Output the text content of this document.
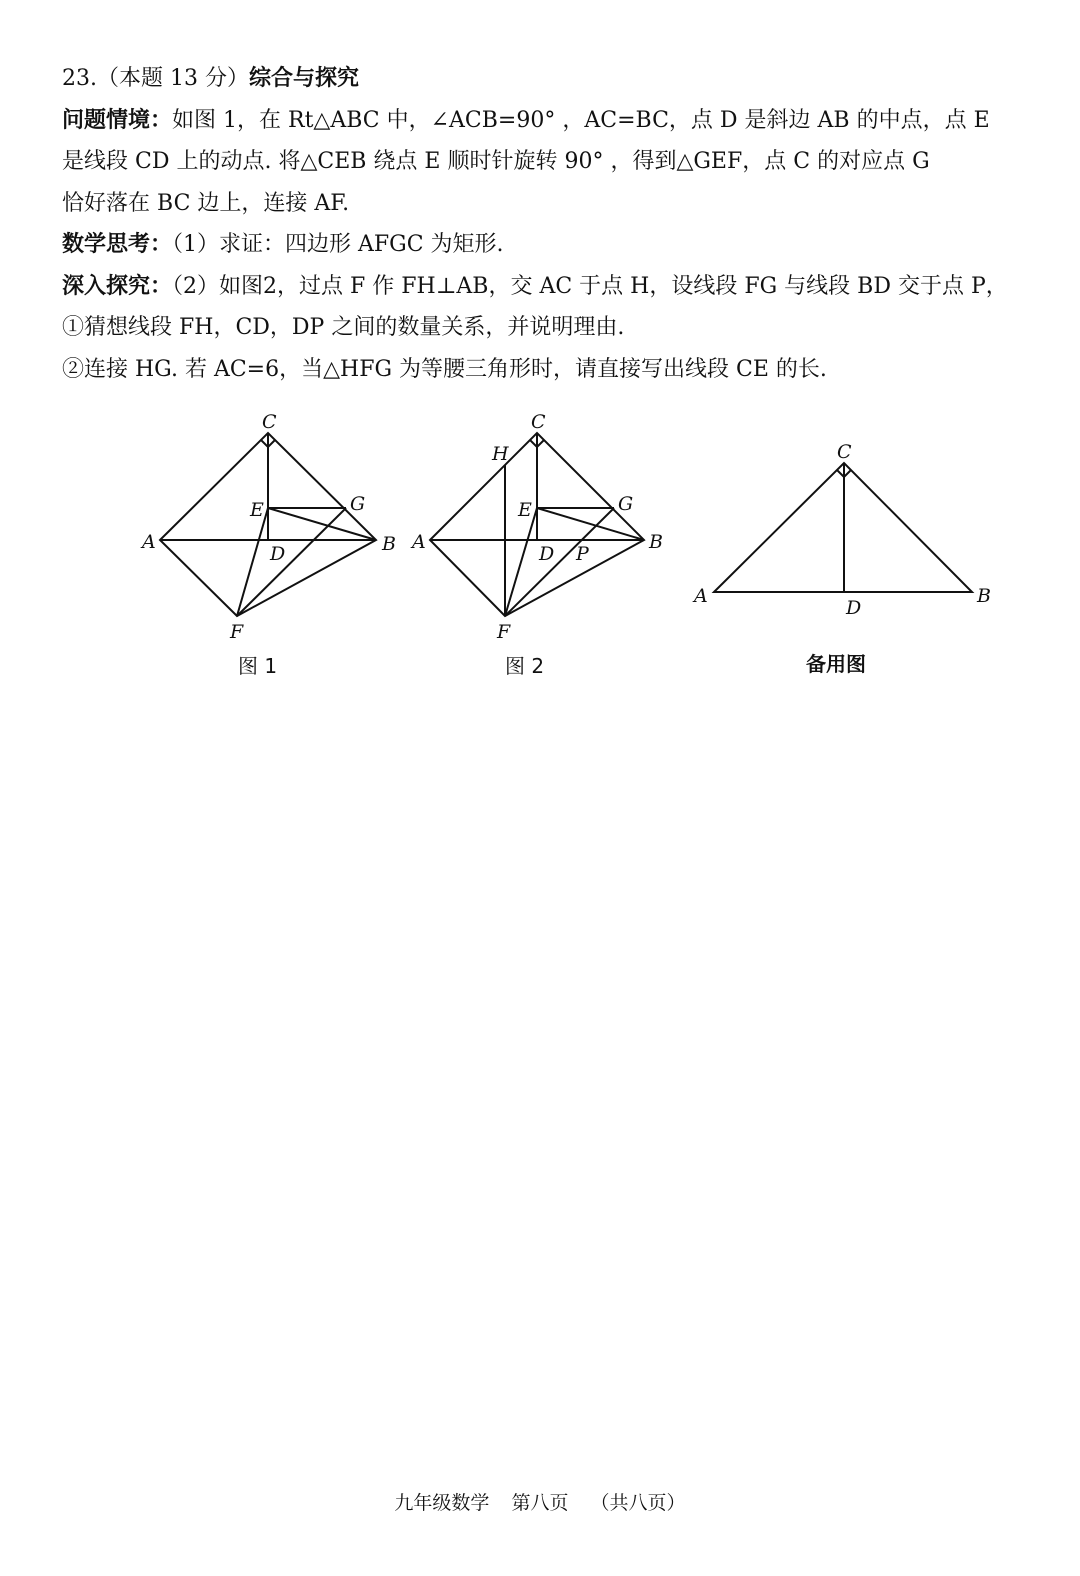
23.（本题 13 分）综合与探究
问题情境：如图 1，在 Rt△ABC 中，∠ACB=90° ，AC=BC，点 D 是斜边 AB 的中点，点 E
是线段 CD 上的动点. 将△CEB 绕点 E 顺时针旋转 90° ，得到△GEF，点 C 的对应点 G
恰好落在 BC 边上，连接 AF.
数学思考：（1）求证：四边形 AFGC 为矩形.
深入探究：（2）如图2，过点 F 作 FH⊥AB，交 AC 于点 H，设线段 FG 与线段 BD 交于点 P，
①猜想线段 FH，CD，DP 之间的数量关系，并说明理由.
②连接 HG. 若 AC=6，当△HFG 为等腰三角形时，请直接写出线段 CE 的长.
C
E	G
A
D	B
F
图 1
C
H
E	G
A
D P
B
F
图 2
C
A
D
B
备用图
九年级数学 第八页 （共八页）
